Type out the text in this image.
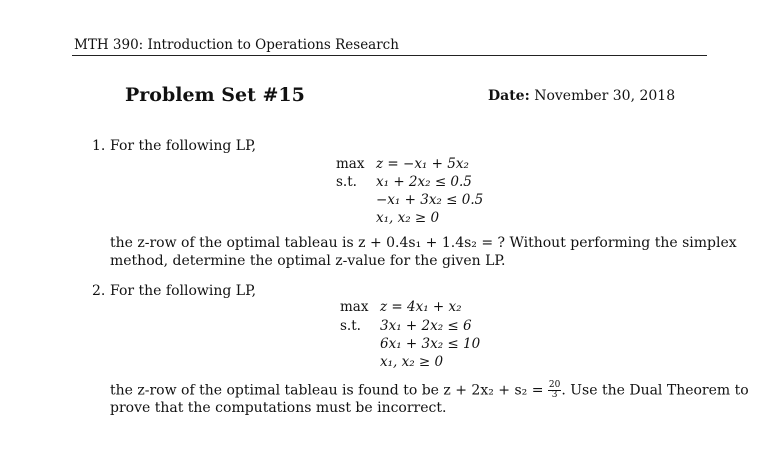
MTH 390: Introduction to Operations Research
Problem Set #15	Date: November 30, 2018
1. For the following LP,
max z = −x₁ + 5x₂
s.t. x₁ + 2x₂ ≤ 0.5
−x₁ + 3x₂ ≤ 0.5
x₁, x₂ ≥ 0
the z-row of the optimal tableau is z + 0.4s₁ + 1.4s₂ = ? Without performing the simplex
method, determine the optimal z-value for the given LP.
2. For the following LP,
max z = 4x₁ + x₂
s.t. 3x₁ + 2x₂ ≤ 6
6x₁ + 3x₂ ≤ 10
x₁, x₂ ≥ 0
the z-row of the optimal tableau is found to be $z + 2x_2 + s_2 = \frac{20}{3}$ . Use the Dual Theorem to
prove that the computations must be incorrect.
